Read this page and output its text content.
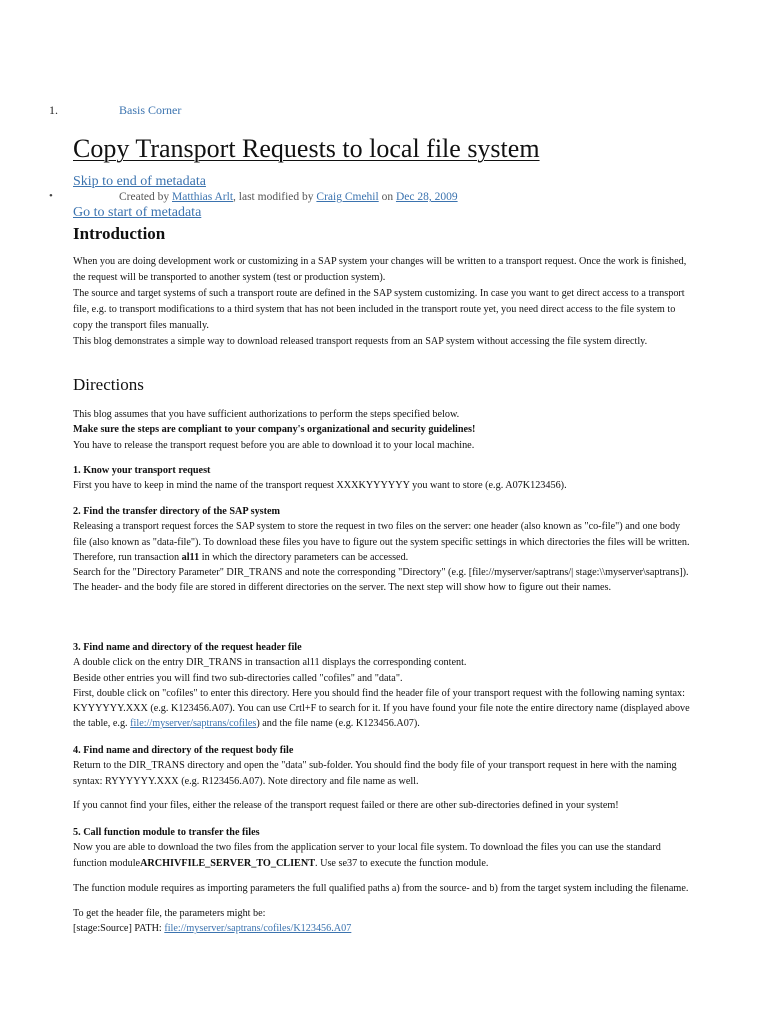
1.	Basis Corner
Copy Transport Requests to local file system
Skip to end of metadata
•	Created by Matthias Arlt, last modified by Craig Cmehil on Dec 28, 2009
Go to start of metadata
Introduction

When you are doing development work or customizing in a SAP system your changes will be written to a transport request. Once the work is finished, the request will be transported to another system (test or production system).

The source and target systems of such a transport route are defined in the SAP system customizing. In case you want to get direct access to a transport file, e.g. to transport modifications to a third system that has not been included in the transport route yet, you need direct access to the file system to copy the transport files manually.

This blog demonstrates a simple way to download released transport requests from an SAP system without accessing the file system directly.

Directions

This blog assumes that you have sufficient authorizations to perform the steps specified below.

Make sure the steps are compliant to your company's organizational and security guidelines!

You have to release the transport request before you are able to download it to your local machine.

1. Know your transport request

First you have to keep in mind the name of the transport request XXXKYYYYYY you want to store (e.g. A07K123456).

2. Find the transfer directory of the SAP system

Releasing a transport request forces the SAP system to store the request in two files on the server: one header (also known as "co-file") and one body file (also known as "data-file"). To download these files you have to figure out the system specific settings in which directories the files will be written.

Therefore, run transaction al11 in which the directory parameters can be accessed.

Search for the "Directory Parameter" DIR_TRANS and note the corresponding "Directory" (e.g. [file://myserver/saptrans/| stage:\\myserver\saptrans]).

The header- and the body file are stored in different directories on the server. The next step will show how to figure out their names.

3. Find name and directory of the request header file

A double click on the entry DIR_TRANS in transaction al11 displays the corresponding content.

Beside other entries you will find two sub-directories called "cofiles" and "data".

First, double click on "cofiles" to enter this directory. Here you should find the header file of your transport request with the following naming syntax: KYYYYYY.XXX (e.g. K123456.A07). You can use Crtl+F to search for it. If you have found your file note the entire directory name (displayed above the table, e.g. file://myserver/saptrans/cofiles) and the file name (e.g. K123456.A07).

4. Find name and directory of the request body file

Return to the DIR_TRANS directory and open the "data" sub-folder. You should find the body file of your transport request in here with the naming syntax: RYYYYYY.XXX (e.g. R123456.A07). Note directory and file name as well.

If you cannot find your files, either the release of the transport request failed or there are other sub-directories defined in your system!

5. Call function module to transfer the files

Now you are able to download the two files from the application server to your local file system. To download the files you can use the standard function moduleARCHIVFILE_SERVER_TO_CLIENT. Use se37 to execute the function module.

The function module requires as importing parameters the full qualified paths a) from the source- and b) from the target system including the filename.

To get the header file, the parameters might be:

[stage:Source] PATH: file://myserver/saptrans/cofiles/K123456.A07
